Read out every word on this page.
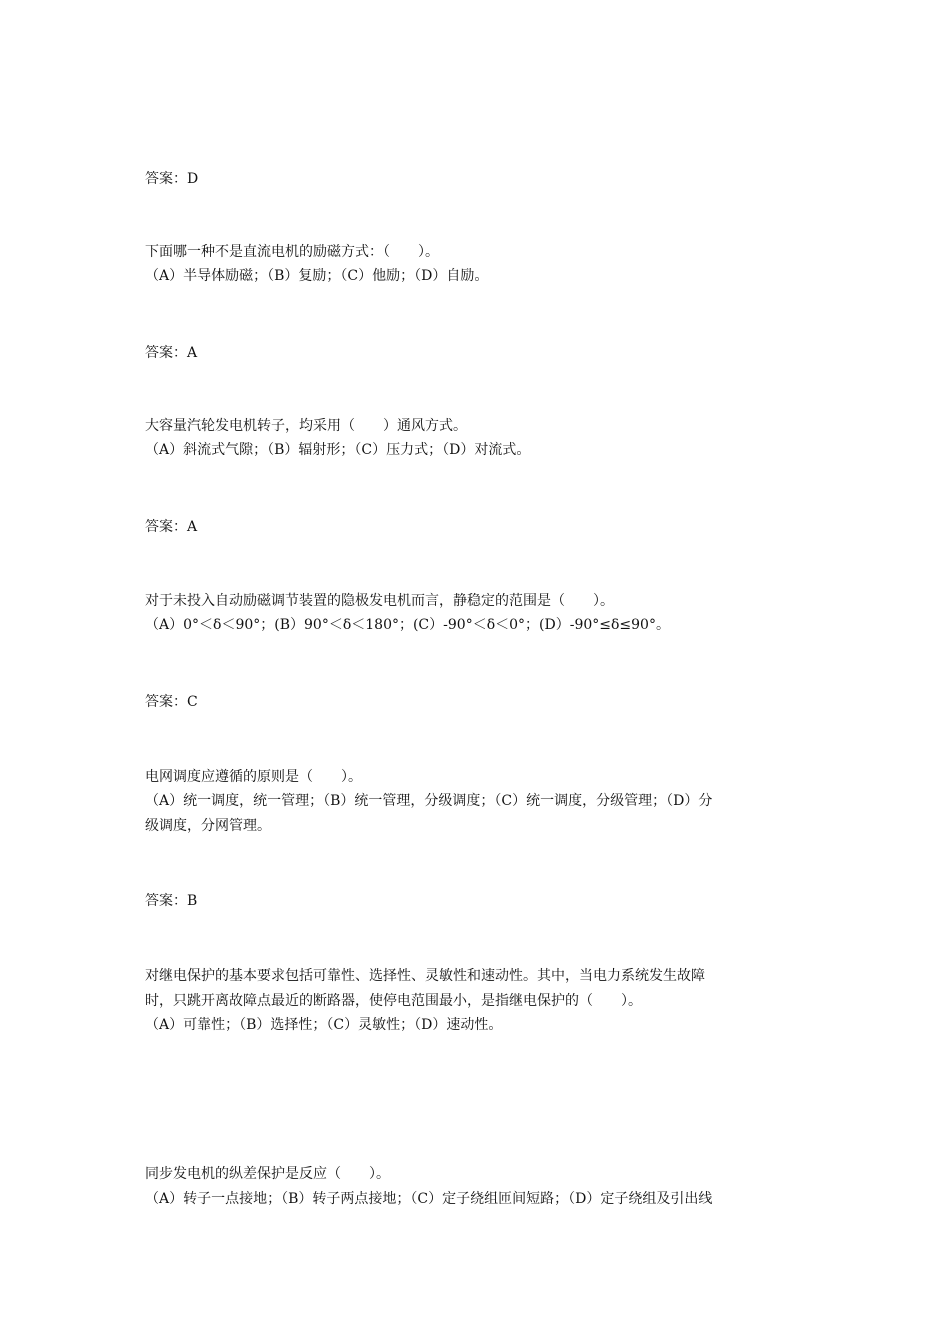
答案：D
下面哪一种不是直流电机的励磁方式：（　　）。
（A）半导体励磁；（B）复励；（C）他励；（D）自励。
答案：A
大容量汽轮发电机转子，均采用（　　）通风方式。
（A）斜流式气隙；（B）辐射形；（C）压力式；（D）对流式。
答案：A
对于未投入自动励磁调节装置的隐极发电机而言，静稳定的范围是（　　）。
（A）0°＜δ＜90°；(B）90°＜δ＜180°；(C）-90°＜δ＜0°；(D）-90°≤δ≤90°。
答案：C
电网调度应遵循的原则是（　　）。
（A）统一调度，统一管理；（B）统一管理，分级调度；（C）统一调度，分级管理；（D）分
级调度，分网管理。
答案：B
对继电保护的基本要求包括可靠性、选择性、灵敏性和速动性。其中，当电力系统发生故障
时，只跳开离故障点最近的断路器，使停电范围最小，是指继电保护的（　　）。
（A）可靠性；（B）选择性；（C）灵敏性；（D）速动性。
同步发电机的纵差保护是反应（　　）。
（A）转子一点接地；（B）转子两点接地；（C）定子绕组匝间短路；（D）定子绕组及引出线
